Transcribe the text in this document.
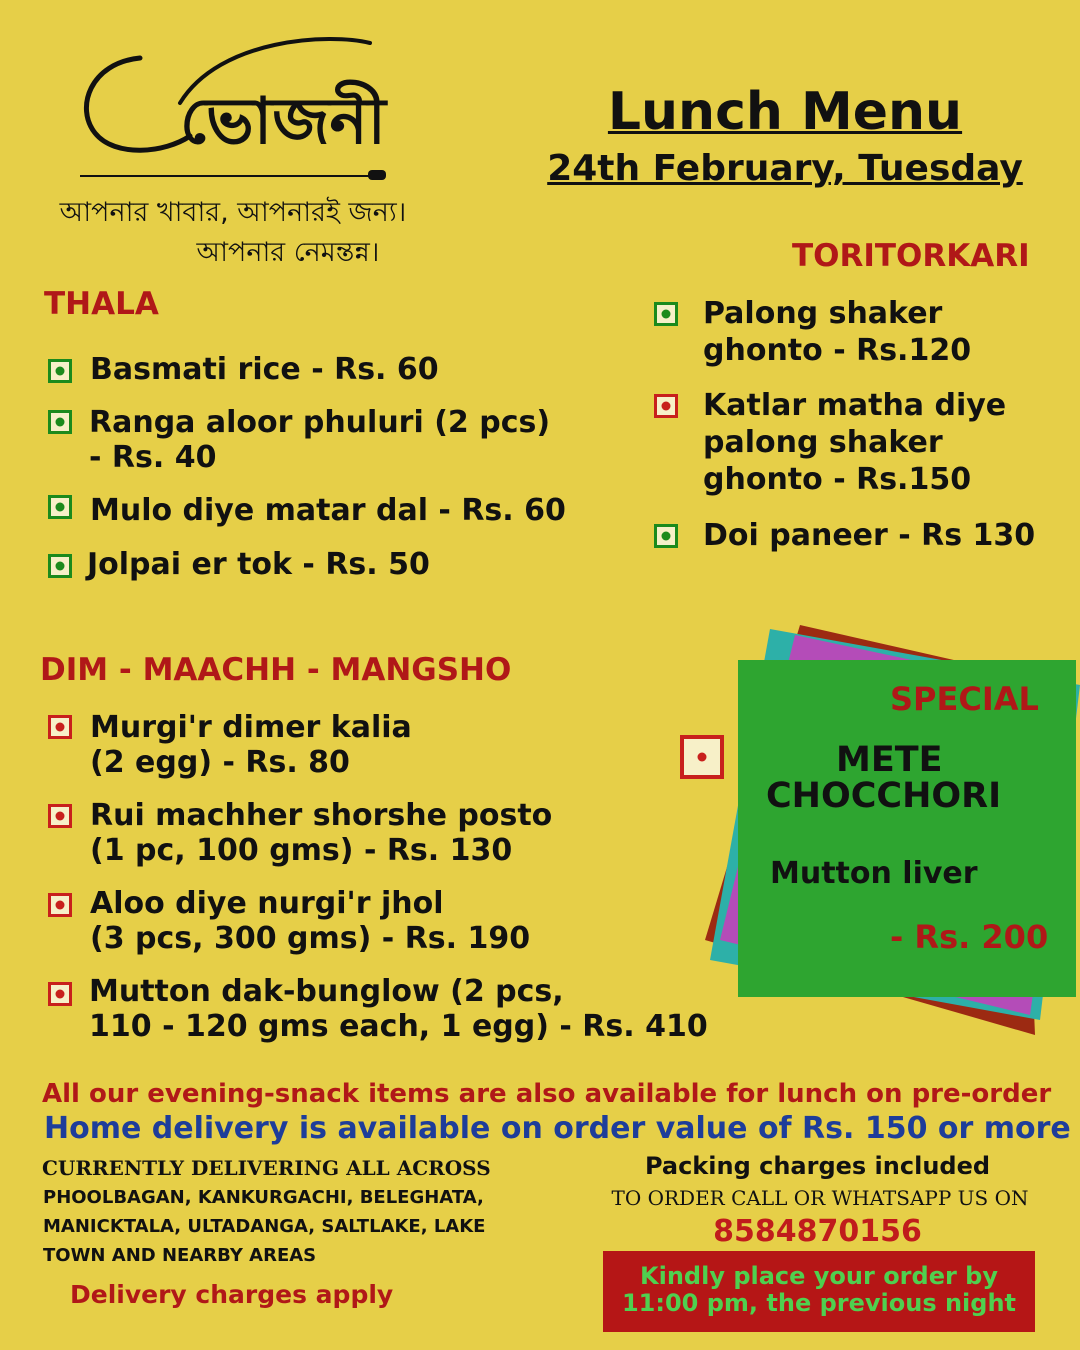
ভোজনী
আপনার খাবার, আপনারই জন্য।
আপনার নেমন্তন্ন।
Lunch Menu
24th February, Tuesday
THALA
Basmati rice - Rs. 60
Ranga aloor phuluri (2 pcs)
- Rs. 40
Mulo diye matar dal - Rs. 60
Jolpai er tok - Rs. 50
TORITORKARI
Palong shaker
ghonto - Rs.120
Katlar matha diye
palong shaker
ghonto - Rs.150
Doi paneer - Rs 130
DIM - MAACHH - MANGSHO
Murgi'r dimer kalia
(2 egg) - Rs. 80
Rui machher shorshe posto
(1 pc, 100 gms) - Rs. 130
Aloo diye nurgi'r jhol
(3 pcs, 300 gms) - Rs. 190
Mutton dak-bunglow (2 pcs,
110 - 120 gms each, 1 egg) - Rs. 410
SPECIAL
METE
CHOCCHORI
Mutton liver
- Rs. 200
All our evening-snack items are also available for lunch on pre-order
Home delivery is available on order value of Rs. 150 or more
CURRENTLY DELIVERING ALL ACROSS
PHOOLBAGAN, KANKURGACHI, BELEGHATA,
MANICKTALA, ULTADANGA, SALTLAKE, LAKE
TOWN AND NEARBY AREAS
Delivery charges apply
Packing charges included
TO ORDER CALL OR WHATSAPP US ON
8584870156
Kindly place your order by
11:00 pm, the previous night
